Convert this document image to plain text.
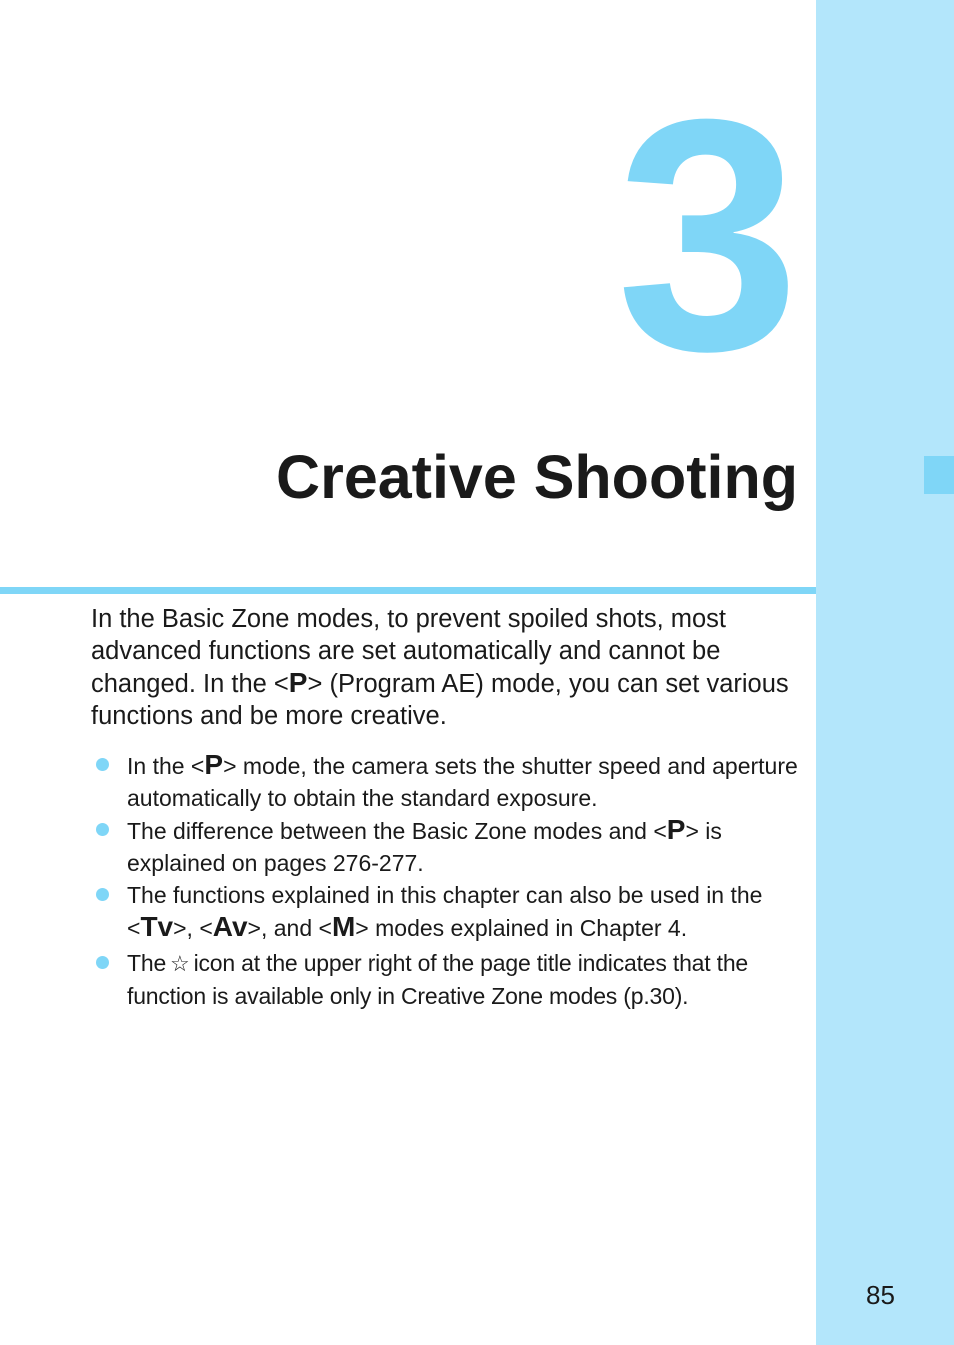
3
Creative Shooting

In the Basic Zone modes, to prevent spoiled shots, most advanced functions are set automatically and cannot be changed. In the <P> (Program AE) mode, you can set various functions and be more creative.

In the <P> mode, the camera sets the shutter speed and aperture automatically to obtain the standard exposure.
The difference between the Basic Zone modes and <P> is explained on pages 276-277.
The functions explained in this chapter can also be used in the <Tv>, <Av>, and <M> modes explained in Chapter 4.
The ☆ icon at the upper right of the page title indicates that the function is available only in Creative Zone modes (p.30).
85
